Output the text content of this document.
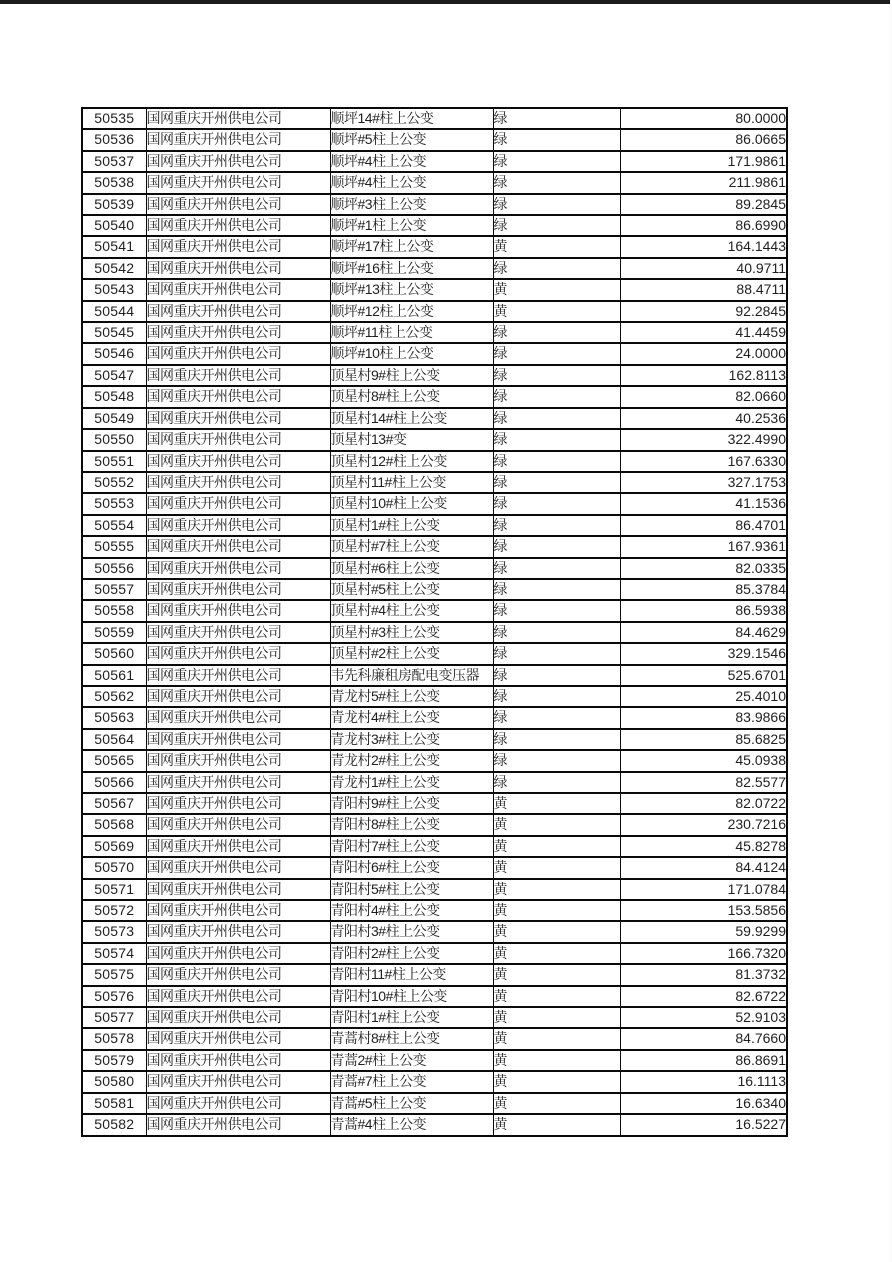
50535	国网重庆开州供电公司	顺坪14#柱上公变	绿	80.0000
50536	国网重庆开州供电公司	顺坪#5柱上公变	绿	86.0665
50537	国网重庆开州供电公司	顺坪#4柱上公变	绿	171.9861
50538	国网重庆开州供电公司	顺坪#4柱上公变	绿	211.9861
50539	国网重庆开州供电公司	顺坪#3柱上公变	绿	89.2845
50540	国网重庆开州供电公司	顺坪#1柱上公变	绿	86.6990
50541	国网重庆开州供电公司	顺坪#17柱上公变	黄	164.1443
50542	国网重庆开州供电公司	顺坪#16柱上公变	绿	40.9711
50543	国网重庆开州供电公司	顺坪#13柱上公变	黄	88.4711
50544	国网重庆开州供电公司	顺坪#12柱上公变	黄	92.2845
50545	国网重庆开州供电公司	顺坪#11柱上公变	绿	41.4459
50546	国网重庆开州供电公司	顺坪#10柱上公变	绿	24.0000
50547	国网重庆开州供电公司	顶星村9#柱上公变	绿	162.8113
50548	国网重庆开州供电公司	顶星村8#柱上公变	绿	82.0660
50549	国网重庆开州供电公司	顶星村14#柱上公变	绿	40.2536
50550	国网重庆开州供电公司	顶星村13#变	绿	322.4990
50551	国网重庆开州供电公司	顶星村12#柱上公变	绿	167.6330
50552	国网重庆开州供电公司	顶星村11#柱上公变	绿	327.1753
50553	国网重庆开州供电公司	顶星村10#柱上公变	绿	41.1536
50554	国网重庆开州供电公司	顶星村1#柱上公变	绿	86.4701
50555	国网重庆开州供电公司	顶星村#7柱上公变	绿	167.9361
50556	国网重庆开州供电公司	顶星村#6柱上公变	绿	82.0335
50557	国网重庆开州供电公司	顶星村#5柱上公变	绿	85.3784
50558	国网重庆开州供电公司	顶星村#4柱上公变	绿	86.5938
50559	国网重庆开州供电公司	顶星村#3柱上公变	绿	84.4629
50560	国网重庆开州供电公司	顶星村#2柱上公变	绿	329.1546
50561	国网重庆开州供电公司	韦先科廉租房配电变压器	绿	525.6701
50562	国网重庆开州供电公司	青龙村5#柱上公变	绿	25.4010
50563	国网重庆开州供电公司	青龙村4#柱上公变	绿	83.9866
50564	国网重庆开州供电公司	青龙村3#柱上公变	绿	85.6825
50565	国网重庆开州供电公司	青龙村2#柱上公变	绿	45.0938
50566	国网重庆开州供电公司	青龙村1#柱上公变	绿	82.5577
50567	国网重庆开州供电公司	青阳村9#柱上公变	黄	82.0722
50568	国网重庆开州供电公司	青阳村8#柱上公变	黄	230.7216
50569	国网重庆开州供电公司	青阳村7#柱上公变	黄	45.8278
50570	国网重庆开州供电公司	青阳村6#柱上公变	黄	84.4124
50571	国网重庆开州供电公司	青阳村5#柱上公变	黄	171.0784
50572	国网重庆开州供电公司	青阳村4#柱上公变	黄	153.5856
50573	国网重庆开州供电公司	青阳村3#柱上公变	黄	59.9299
50574	国网重庆开州供电公司	青阳村2#柱上公变	黄	166.7320
50575	国网重庆开州供电公司	青阳村11#柱上公变	黄	81.3732
50576	国网重庆开州供电公司	青阳村10#柱上公变	黄	82.6722
50577	国网重庆开州供电公司	青阳村1#柱上公变	黄	52.9103
50578	国网重庆开州供电公司	青蒿村8#柱上公变	黄	84.7660
50579	国网重庆开州供电公司	青蒿2#柱上公变	黄	86.8691
50580	国网重庆开州供电公司	青蒿#7柱上公变	黄	16.1113
50581	国网重庆开州供电公司	青蒿#5柱上公变	黄	16.6340
50582	国网重庆开州供电公司	青蒿#4柱上公变	黄	16.5227
